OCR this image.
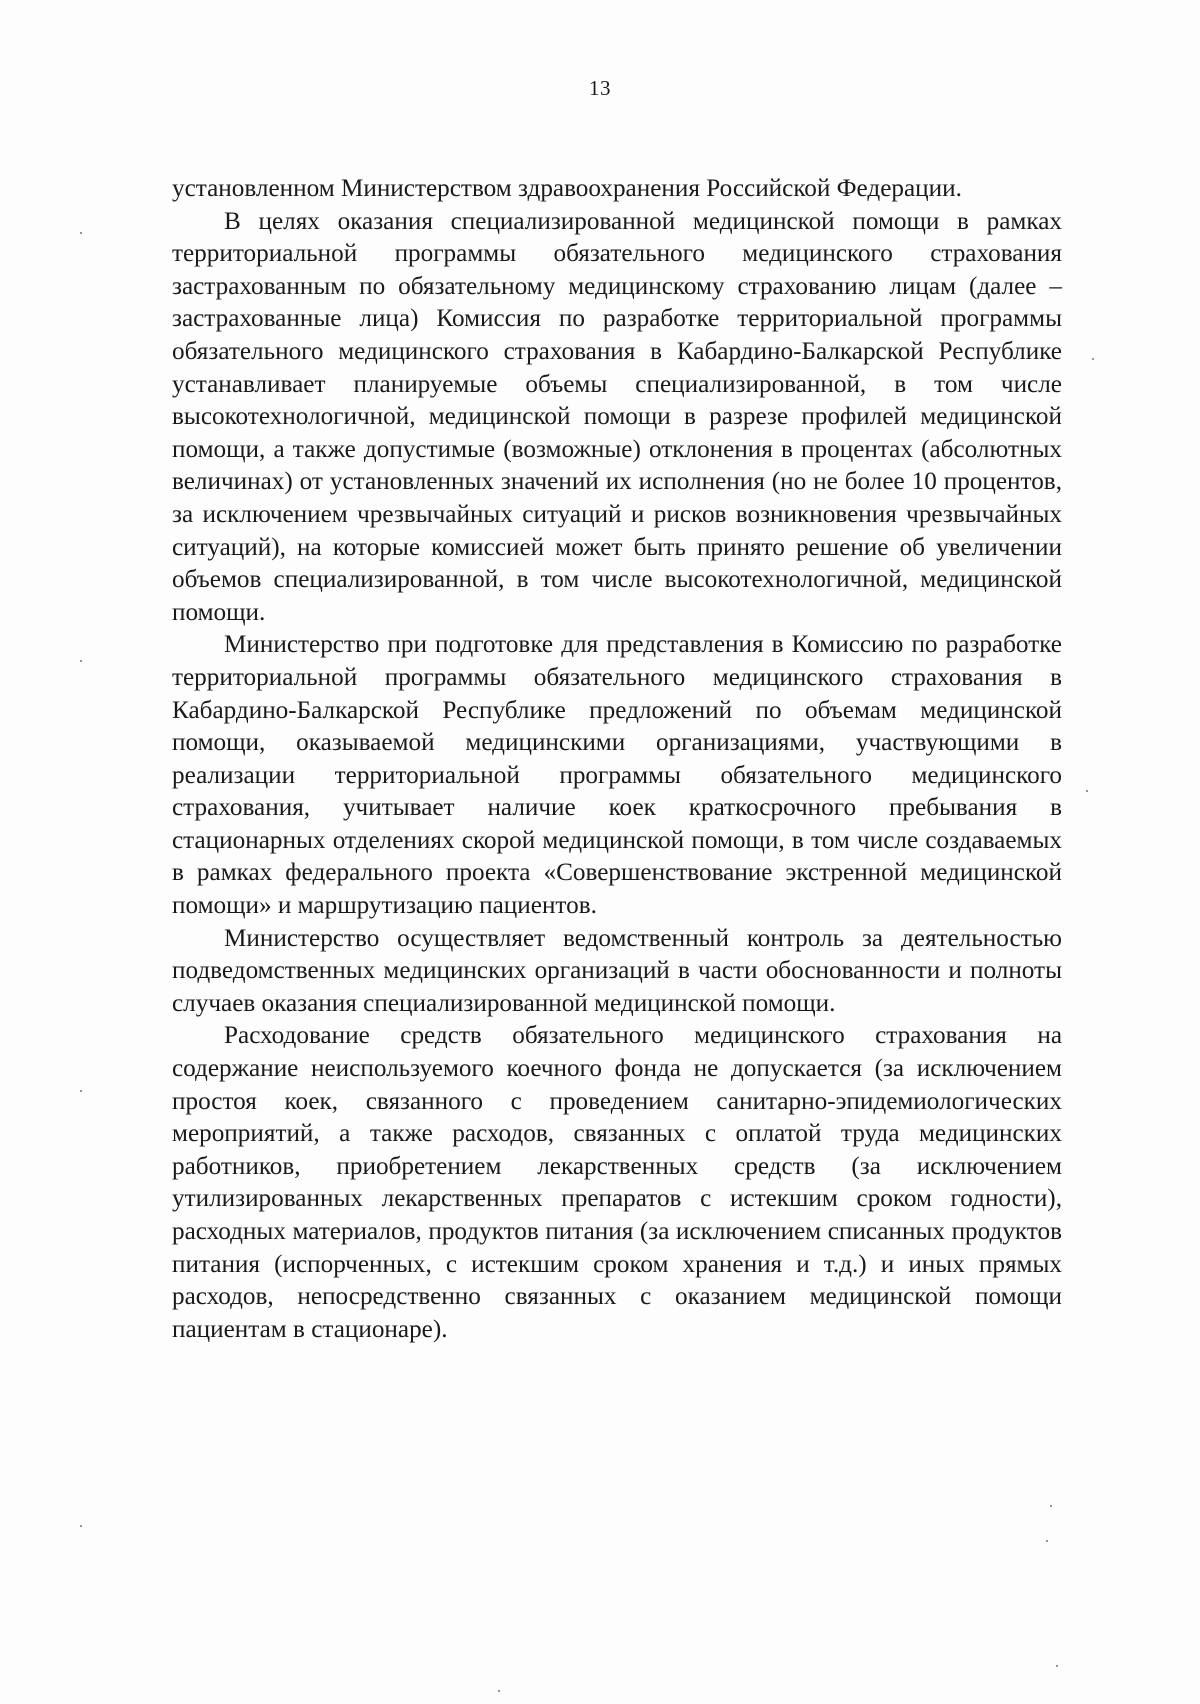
13

установленном Министерством здравоохранения Российской Федерации.

В целях оказания специализированной медицинской помощи в рамках территориальной программы обязательного медицинского страхования застрахованным по обязательному медицинскому страхованию лицам (далее – застрахованные лица) Комиссия по разработке территориальной программы обязательного медицинского страхования в Кабардино-Балкарской Республике устанавливает планируемые объемы специализированной, в том числе высокотехнологичной, медицинской помощи в разрезе профилей медицинской помощи, а также допустимые (возможные) отклонения в процентах (абсолютных величинах) от установленных значений их исполнения (но не более 10 процентов, за исключением чрезвычайных ситуаций и рисков возникновения чрезвычайных ситуаций), на которые комиссией может быть принято решение об увеличении объемов специализированной, в том числе высокотехнологичной, медицинской помощи.

Министерство при подготовке для представления в Комиссию по разработке территориальной программы обязательного медицинского страхования в Кабардино-Балкарской Республике предложений по объемам медицинской помощи, оказываемой медицинскими организациями, участвующими в реализации территориальной программы обязательного медицинского страхования, учитывает наличие коек краткосрочного пребывания в стационарных отделениях скорой медицинской помощи, в том числе создаваемых в рамках федерального проекта «Совершенствование экстренной медицинской помощи» и маршрутизацию пациентов.

Министерство осуществляет ведомственный контроль за деятельностью подведомственных медицинских организаций в части обоснованности и полноты случаев оказания специализированной медицинской помощи.

Расходование средств обязательного медицинского страхования на содержание неиспользуемого коечного фонда не допускается (за исключением простоя коек, связанного с проведением санитарно-эпидемиологических мероприятий, а также расходов, связанных с оплатой труда медицинских работников, приобретением лекарственных средств (за исключением утилизированных лекарственных препаратов с истекшим сроком годности), расходных материалов, продуктов питания (за исключением списанных продуктов питания (испорченных, с истекшим сроком хранения и т.д.) и иных прямых расходов, непосредственно связанных с оказанием медицинской помощи пациентам в стационаре).
